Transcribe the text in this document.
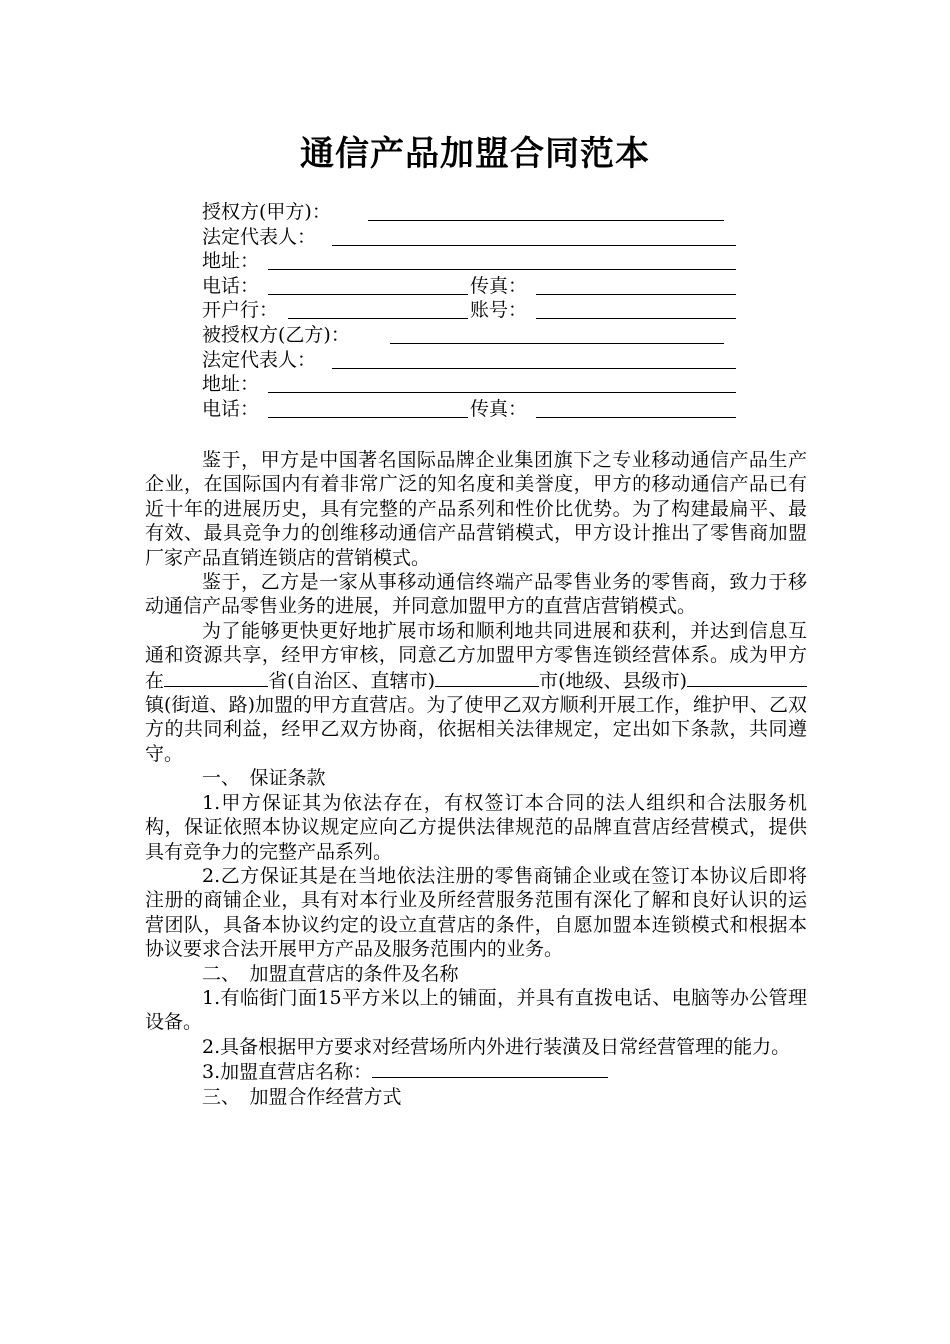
通信产品加盟合同范本
授权方(甲方)：
法定代表人：
地址：
电话：	传真：
开户行：	账号：
被授权方(乙方)：
法定代表人：
地址：
电话：	传真：

鉴于，甲方是中国著名国际品牌企业集团旗下之专业移动通信产品生产企业，在国际国内有着非常广泛的知名度和美誉度，甲方的移动通信产品已有近十年的进展历史，具有完整的产品系列和性价比优势。为了构建最扁平、最有效、最具竞争力的创维移动通信产品营销模式，甲方设计推出了零售商加盟厂家产品直销连锁店的营销模式。

鉴于，乙方是一家从事移动通信终端产品零售业务的零售商，致力于移动通信产品零售业务的进展，并同意加盟甲方的直营店营销模式。

为了能够更快更好地扩展市场和顺利地共同进展和获利，并达到信息互通和资源共享，经甲方审核，同意乙方加盟甲方零售连锁经营体系。成为甲方在	省(自治区、直辖市)	市(地级、县级市)镇(街道、路)加盟的甲方直营店。为了使甲乙双方顺利开展工作，维护甲、乙双方的共同利益，经甲乙双方协商，依据相关法律规定，定出如下条款，共同遵守。

一、　保证条款

1.甲方保证其为依法存在，有权签订本合同的法人组织和合法服务机构，保证依照本协议规定应向乙方提供法律规范的品牌直营店经营模式，提供具有竞争力的完整产品系列。

2.乙方保证其是在当地依法注册的零售商铺企业或在签订本协议后即将注册的商铺企业，具有对本行业及所经营服务范围有深化了解和良好认识的运营团队，具备本协议约定的设立直营店的条件，自愿加盟本连锁模式和根据本协议要求合法开展甲方产品及服务范围内的业务。

二、　加盟直营店的条件及名称

1.有临街门面15平方米以上的铺面，并具有直拨电话、电脑等办公管理设备。

2.具备根据甲方要求对经营场所内外进行装潢及日常经营管理的能力。

3.加盟直营店名称：

三、　加盟合作经营方式
